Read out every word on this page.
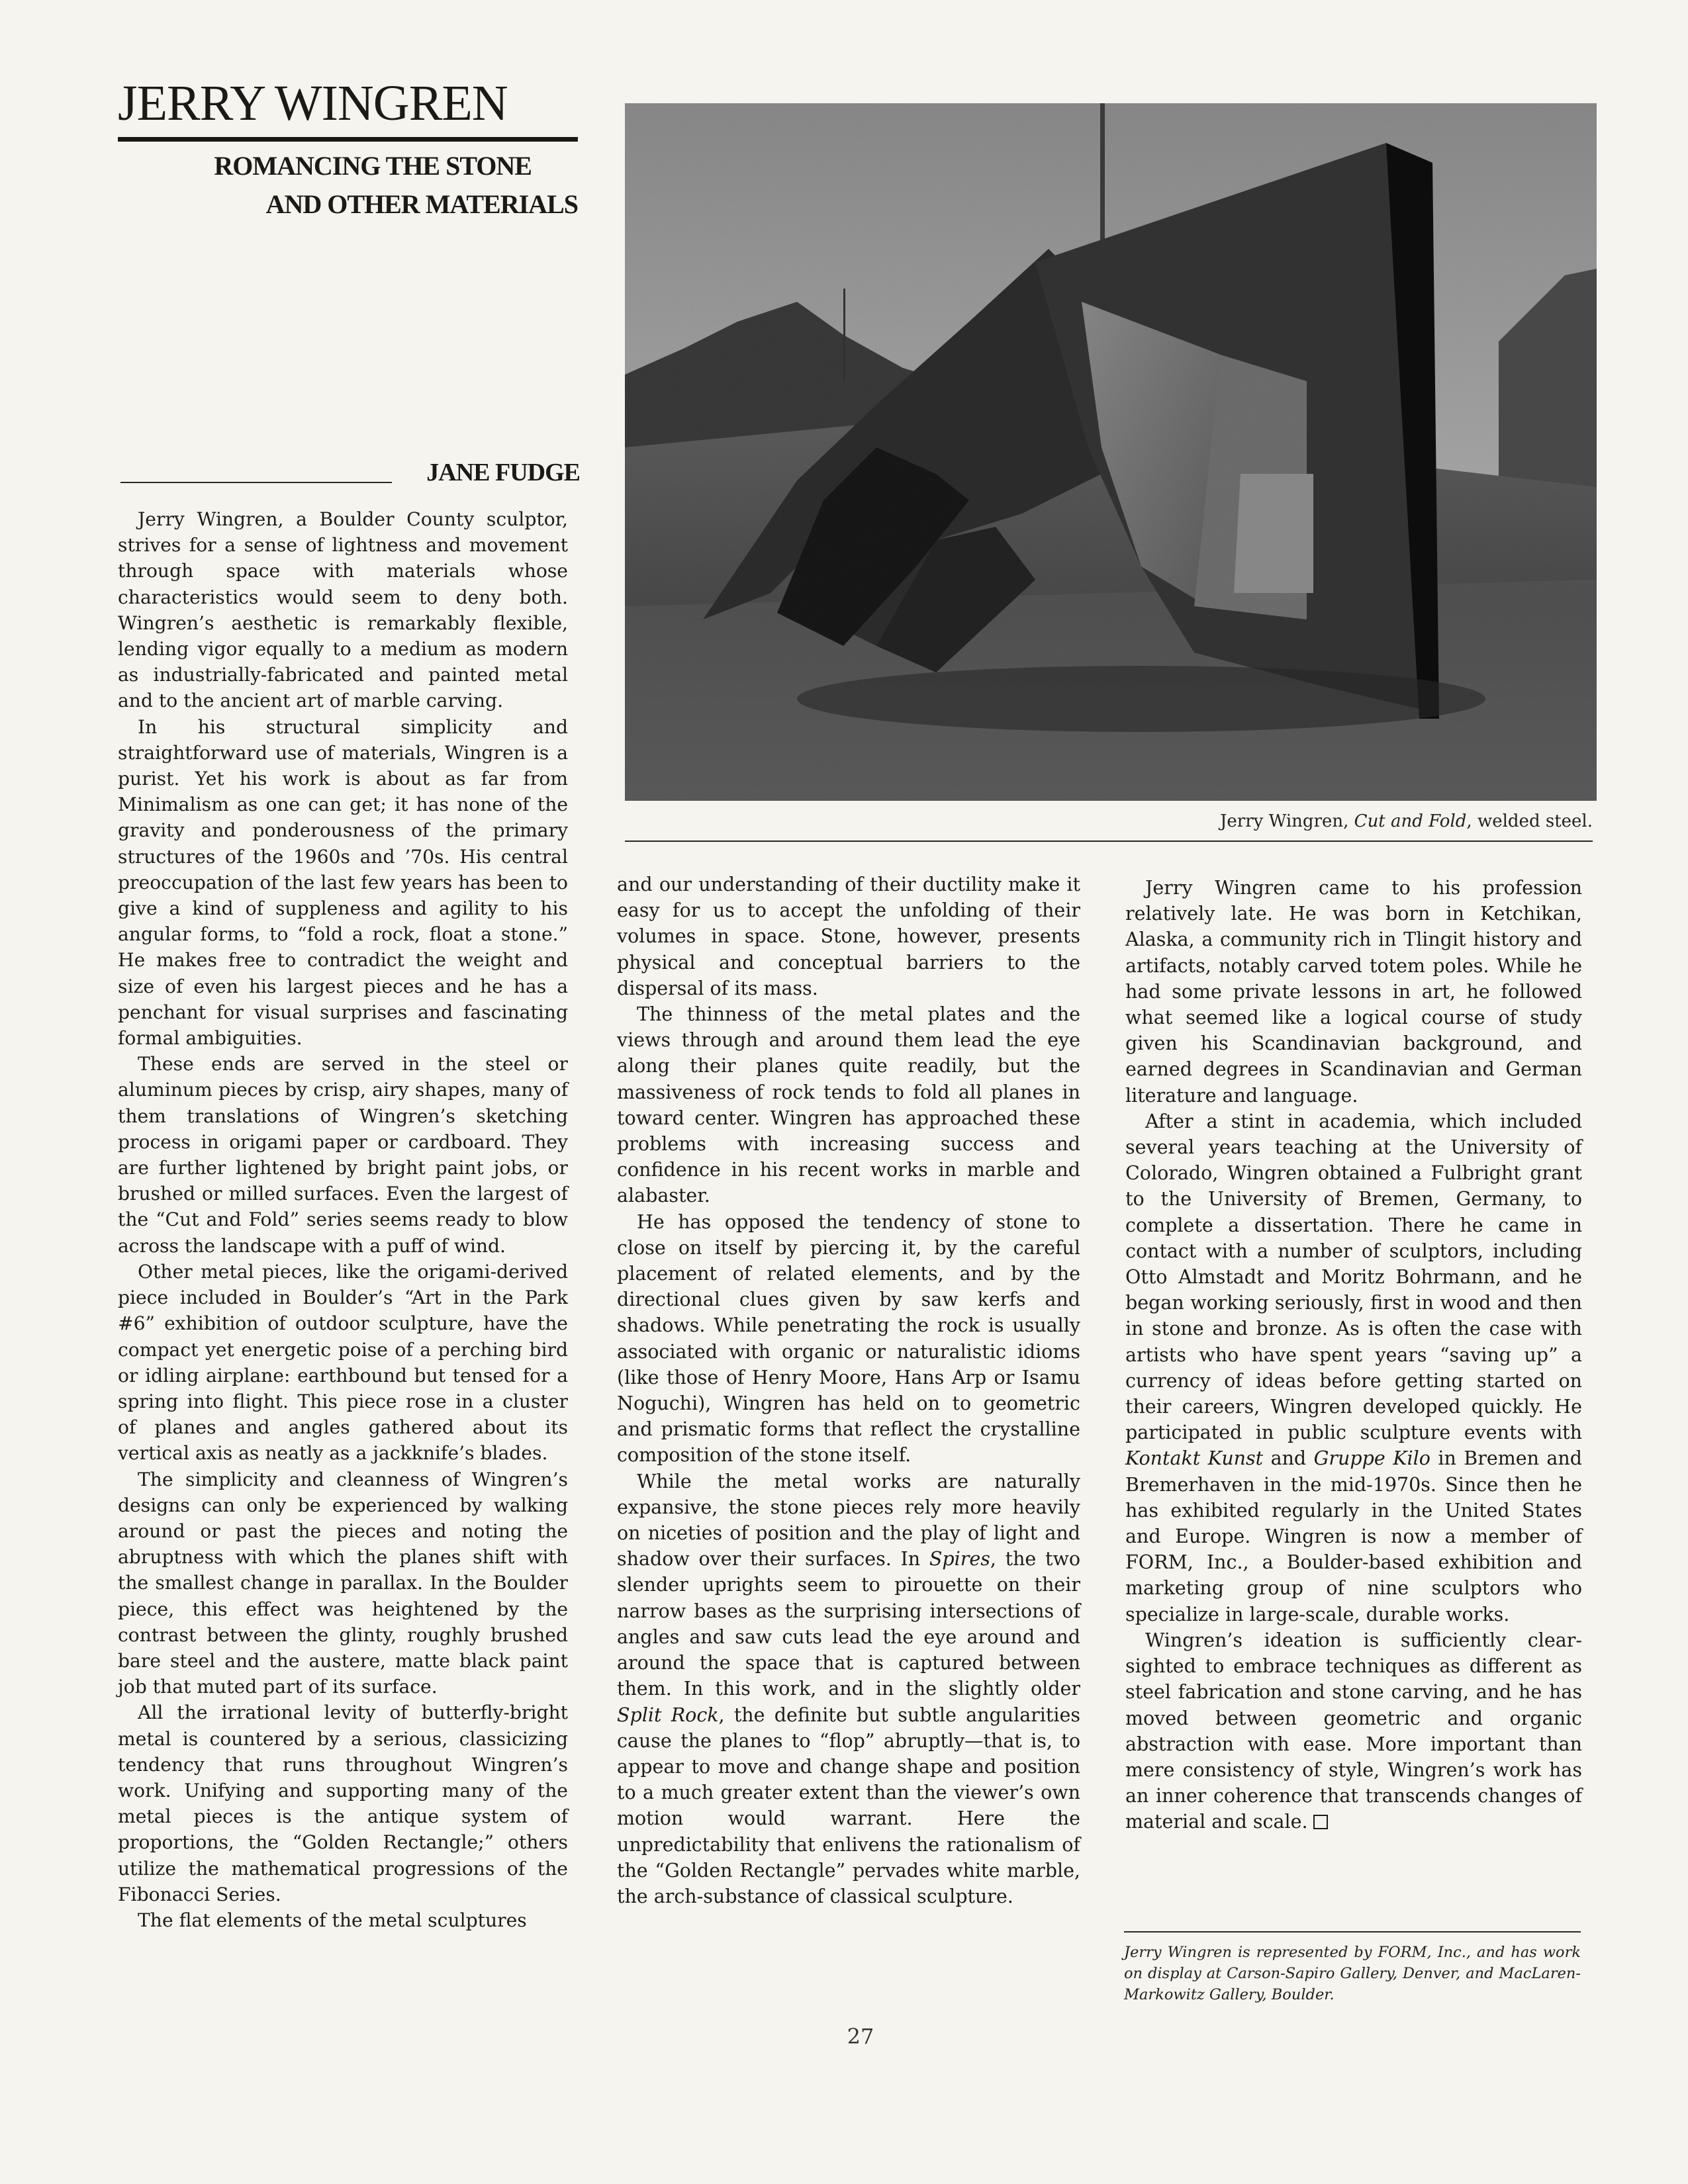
JERRY WINGREN
ROMANCING THE STONE
AND OTHER MATERIALS
JANE FUDGE
Jerry Wingren, Cut and Fold, welded steel.

Jerry Wingren, a Boulder County sculptor, strives for a sense of lightness and movement through space with materials whose characteristics would seem to deny both. Wingren’s aesthetic is remarkably flexible, lending vigor equally to a medium as modern as industrially-fabricated and painted metal and to the ancient art of marble carving.

In his structural simplicity and straightforward use of materials, Wingren is a purist. Yet his work is about as far from Minimalism as one can get; it has none of the gravity and ponderousness of the primary structures of the 1960s and ’70s. His central preoccupation of the last few years has been to give a kind of suppleness and agility to his angular forms, to “fold a rock, float a stone.” He makes free to contradict the weight and size of even his largest pieces and he has a penchant for visual surprises and fascinating formal ambiguities.

These ends are served in the steel or aluminum pieces by crisp, airy shapes, many of them translations of Wingren’s sketching process in origami paper or cardboard. They are further lightened by bright paint jobs, or brushed or milled surfaces. Even the largest of the “Cut and Fold” series seems ready to blow across the landscape with a puff of wind.

Other metal pieces, like the origami-derived piece included in Boulder’s “Art in the Park #6” exhibition of outdoor sculpture, have the compact yet energetic poise of a perching bird or idling airplane: earthbound but tensed for a spring into flight. This piece rose in a cluster of planes and angles gathered about its vertical axis as neatly as a jackknife’s blades.

The simplicity and cleanness of Wingren’s designs can only be experienced by walking around or past the pieces and noting the abruptness with which the planes shift with the smallest change in parallax. In the Boulder piece, this effect was heightened by the contrast between the glinty, roughly brushed bare steel and the austere, matte black paint job that muted part of its surface.

All the irrational levity of butterfly-bright metal is countered by a serious, classicizing tendency that runs throughout Wingren’s work. Unifying and supporting many of the metal pieces is the antique system of proportions, the “Golden Rectangle;” others utilize the mathematical progressions of the Fibonacci Series.

The flat elements of the metal sculptures

and our understanding of their ductility make it easy for us to accept the unfolding of their volumes in space. Stone, however, presents physical and conceptual barriers to the dispersal of its mass.

The thinness of the metal plates and the views through and around them lead the eye along their planes quite readily, but the massiveness of rock tends to fold all planes in toward center. Wingren has approached these problems with increasing success and confidence in his recent works in marble and alabaster.

He has opposed the tendency of stone to close on itself by piercing it, by the careful placement of related elements, and by the directional clues given by saw kerfs and shadows. While penetrating the rock is usually associated with organic or naturalistic idioms (like those of Henry Moore, Hans Arp or Isamu Noguchi), Wingren has held on to geometric and prismatic forms that reflect the crystalline composition of the stone itself.

While the metal works are naturally expansive, the stone pieces rely more heavily on niceties of position and the play of light and shadow over their surfaces. In Spires, the two slender uprights seem to pirouette on their narrow bases as the surprising intersections of angles and saw cuts lead the eye around and around the space that is captured between them. In this work, and in the slightly older Split Rock, the definite but subtle angularities cause the planes to “flop” abruptly—that is, to appear to move and change shape and position to a much greater extent than the viewer’s own motion would warrant. Here the unpredictability that enlivens the rationalism of the “Golden Rectangle” pervades white marble, the arch-substance of classical sculpture.

Jerry Wingren came to his profession relatively late. He was born in Ketchikan, Alaska, a community rich in Tlingit history and artifacts, notably carved totem poles. While he had some private lessons in art, he followed what seemed like a logical course of study given his Scandinavian background, and earned degrees in Scandinavian and German literature and language.

After a stint in academia, which included several years teaching at the University of Colorado, Wingren obtained a Fulbright grant to the University of Bremen, Germany, to complete a dissertation. There he came in contact with a number of sculptors, including Otto Almstadt and Moritz Bohrmann, and he began working seriously, first in wood and then in stone and bronze. As is often the case with artists who have spent years “saving up” a currency of ideas before getting started on their careers, Wingren developed quickly. He participated in public sculpture events with Kontakt Kunst and Gruppe Kilo in Bremen and Bremerhaven in the mid-1970s. Since then he has exhibited regularly in the United States and Europe. Wingren is now a member of FORM, Inc., a Boulder-based exhibition and marketing group of nine sculptors who specialize in large-scale, durable works.

Wingren’s ideation is sufficiently clear-sighted to embrace techniques as different as steel fabrication and stone carving, and he has moved between geometric and organic abstraction with ease. More important than mere consistency of style, Wingren’s work has an inner coherence that transcends changes of material and scale.

Jerry Wingren is represented by FORM, Inc., and has work on display at Carson-Sapiro Gallery, Denver, and MacLaren-Markowitz Gallery, Boulder.
27
